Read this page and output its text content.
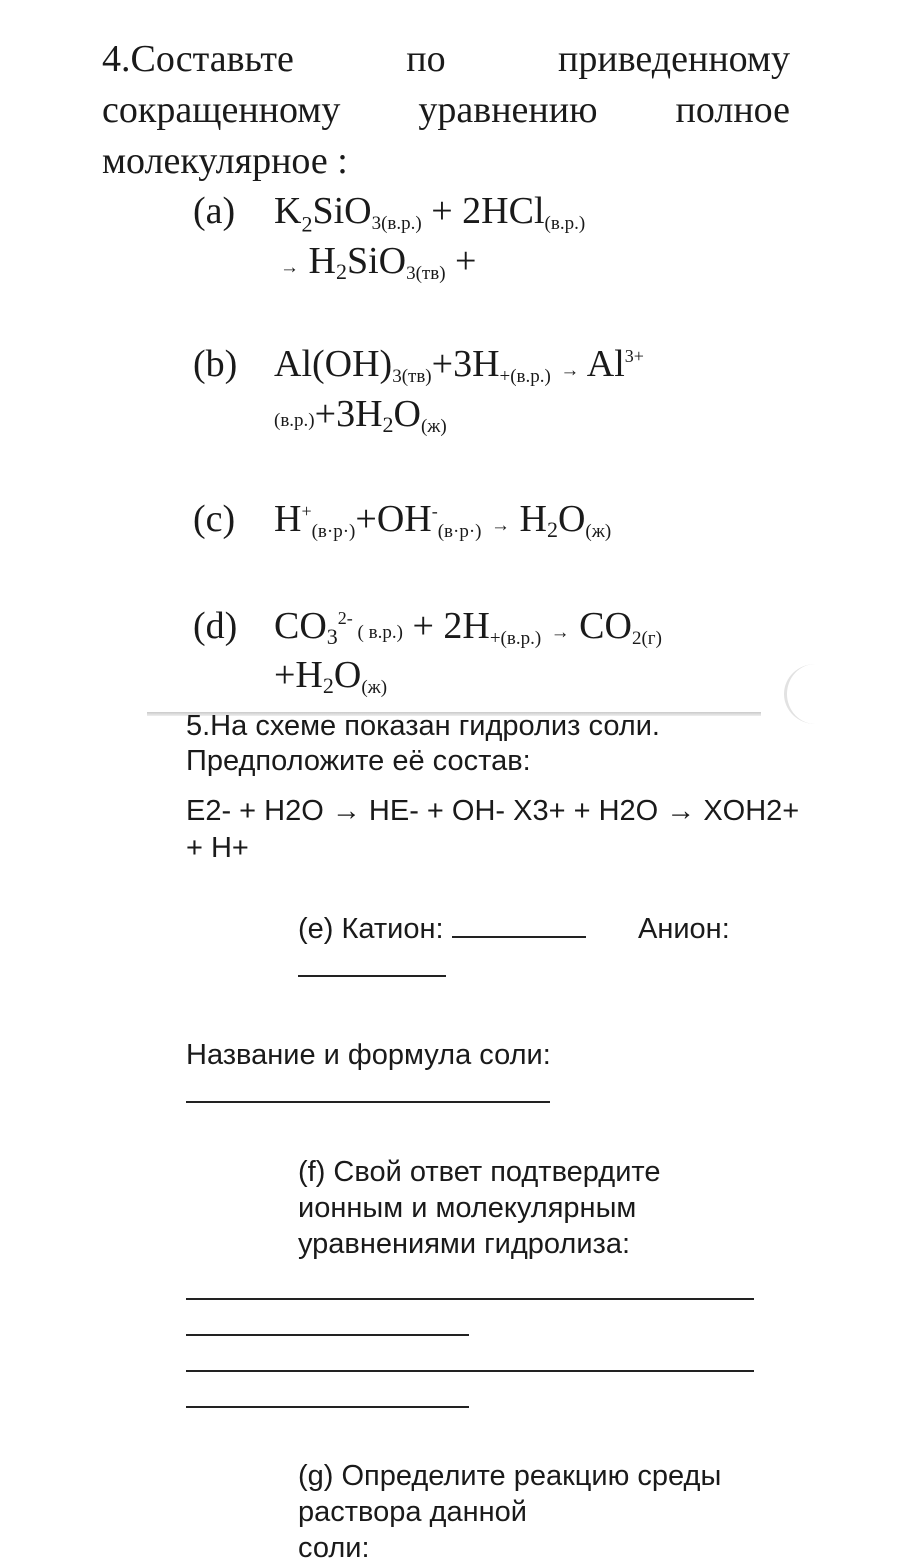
4.Составьте	по	приведенному
сокращенному уравнению полное
молекулярное :
(a) $K_2SiO3(в.р.) + 2HCl(в.р.)$
→ H2SiO3(тв) +
(b) $Al(OH)3(тв)+3H+(в.р.) \to Al^{3+}$
(в.р.)+3H2O(ж)
(c) H+(в·р·)+OH-(в·р·) → H2O(ж)
(d) $CO3^{2-}$ ( в.р.) + 2H+(в.р.) → CO2(г)
+H2O(ж)
5.На схеме показан гидролиз соли.
Предположите её состав:
E2- + H2O → HE- + OH- X3+ + H2O → XOH2+
+ H+
(e) Катион:	Анион:
Название и формула соли:
(f) Свой ответ подтвердите
ионным и молекулярным
уравнениями гидролиза:
(g) Определите реакцию среды
раствора данной
соли:
